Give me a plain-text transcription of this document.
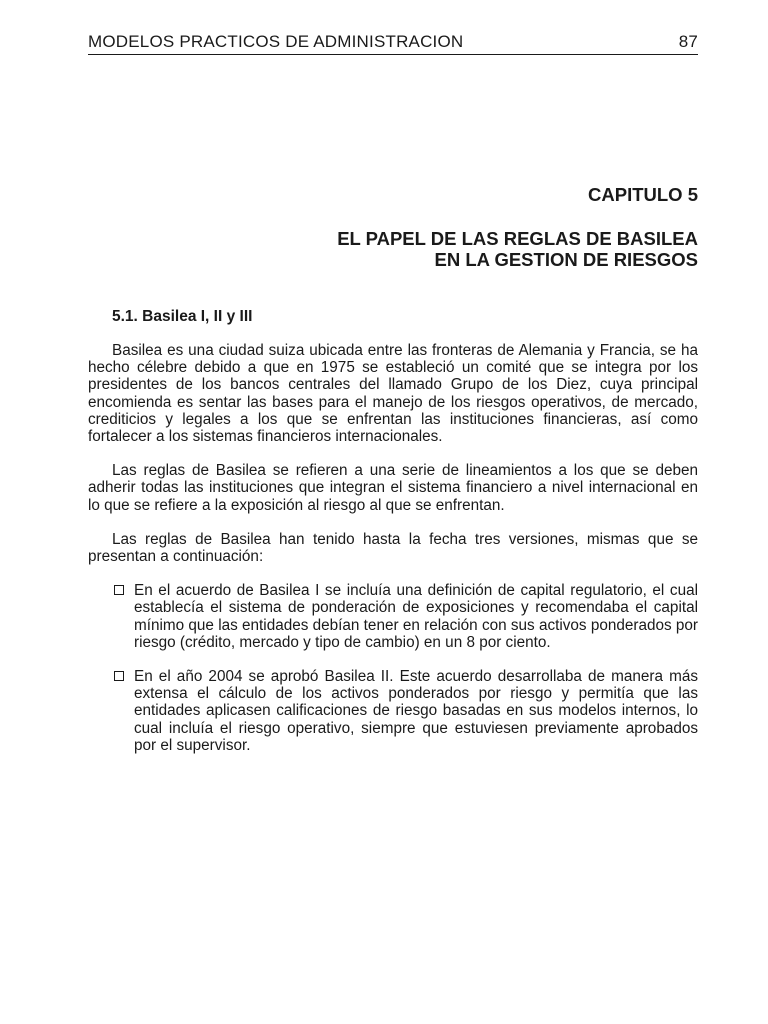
MODELOS PRACTICOS DE ADMINISTRACION	87
CAPITULO 5
EL PAPEL DE LAS REGLAS DE BASILEA
EN LA GESTION DE RIESGOS
5.1. Basilea I, II y III

Basilea es una ciudad suiza ubicada entre las fronteras de Alemania y Francia, se ha hecho célebre debido a que en 1975 se estableció un comité que se integra por los presidentes de los bancos centrales del llamado Grupo de los Diez, cuya principal encomienda es sentar las bases para el manejo de los riesgos operativos, de mercado, crediticios y legales a los que se enfrentan las instituciones financieras, así como fortalecer a los sistemas financieros internacionales.

Las reglas de Basilea se refieren a una serie de lineamientos a los que se deben adherir todas las instituciones que integran el sistema financiero a nivel internacional en lo que se refiere a la exposición al riesgo al que se enfrentan.

Las reglas de Basilea han tenido hasta la fecha tres versiones, mismas que se presentan a continuación:

En el acuerdo de Basilea I se incluía una definición de capital regulatorio, el cual establecía el sistema de ponderación de exposiciones y recomendaba el capital mínimo que las entidades debían tener en relación con sus activos ponderados por riesgo (crédito, mercado y tipo de cambio) en un 8 por ciento.
En el año 2004 se aprobó Basilea II. Este acuerdo desarrollaba de manera más extensa el cálculo de los activos ponderados por riesgo y permitía que las entidades aplicasen calificaciones de riesgo basadas en sus modelos internos, lo cual incluía el riesgo operativo, siempre que estuviesen previamente aprobados por el supervisor.
